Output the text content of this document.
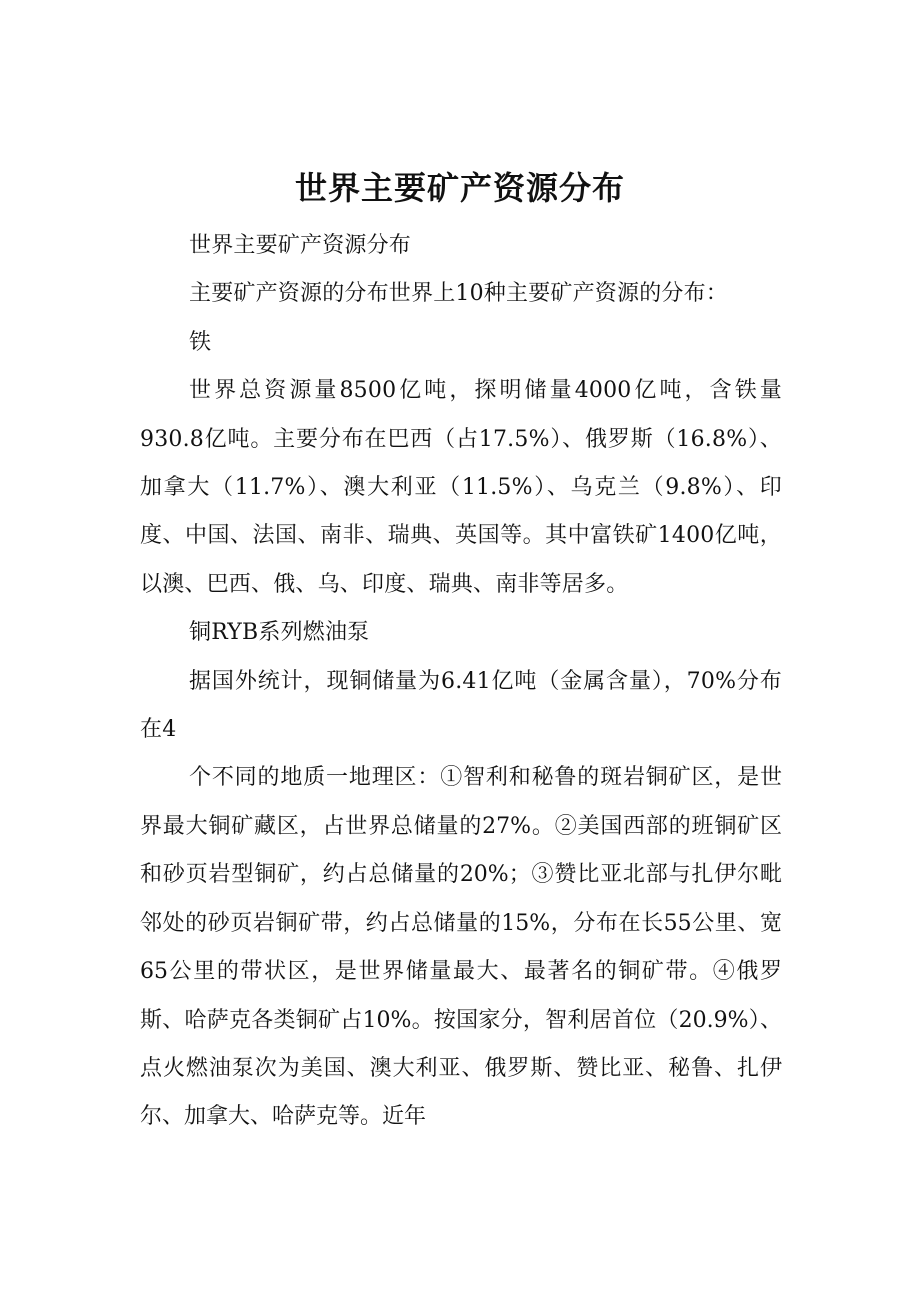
世界主要矿产资源分布

世界主要矿产资源分布

主要矿产资源的分布世界上10种主要矿产资源的分布：

铁

世界总资源量8500亿吨，探明储量4000亿吨，含铁量930.8亿吨。主要分布在巴西（占17.5%）、俄罗斯（16.8%）、加拿大（11.7%）、澳大利亚（11.5%）、乌克兰（9.8%）、印度、中国、法国、南非、瑞典、英国等。其中富铁矿1400亿吨，以澳、巴西、俄、乌、印度、瑞典、南非等居多。

铜RYB系列燃油泵

据国外统计，现铜储量为6.41亿吨（金属含量），70%分布在4

个不同的地质一地理区：①智利和秘鲁的斑岩铜矿区，是世界最大铜矿藏区，占世界总储量的27%。②美国西部的班铜矿区和砂页岩型铜矿，约占总储量的20%；③赞比亚北部与扎伊尔毗邻处的砂页岩铜矿带，约占总储量的15%，分布在长55公里、宽65公里的带状区，是世界储量最大、最著名的铜矿带。④俄罗斯、哈萨克各类铜矿占10%。按国家分，智利居首位（20.9%）、点火燃油泵次为美国、澳大利亚、俄罗斯、赞比亚、秘鲁、扎伊尔、加拿大、哈萨克等。近年
